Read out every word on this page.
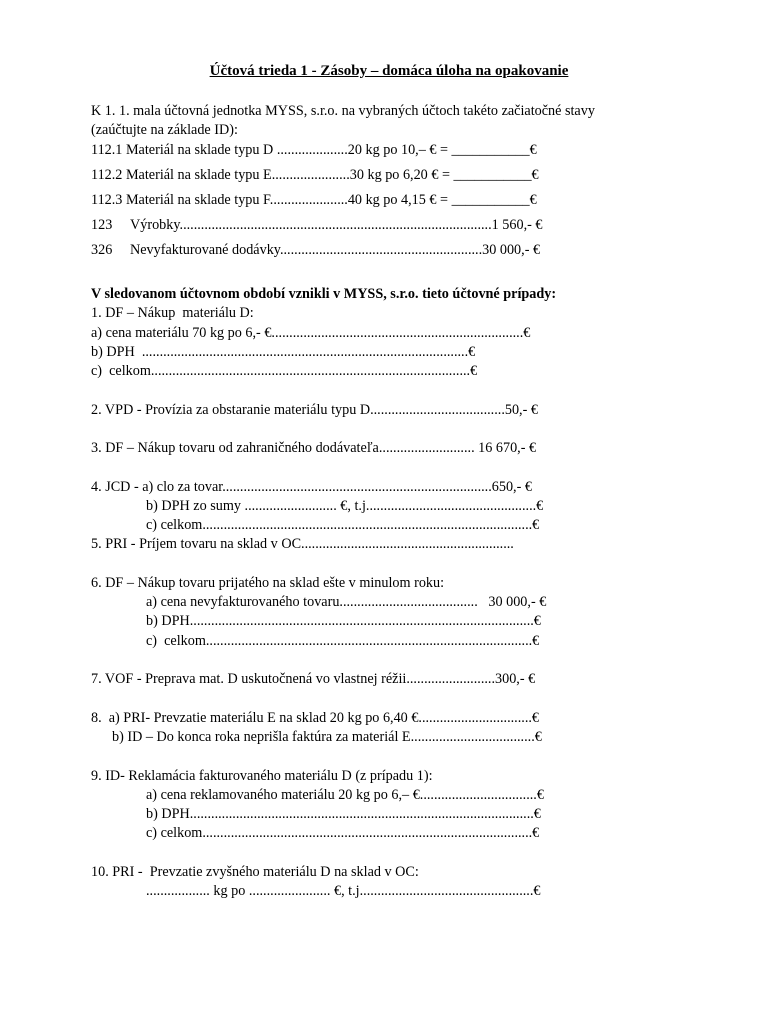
Účtová trieda 1 - Zásoby – domáca úloha na opakovanie
K 1. 1. mala účtovná jednotka MYSS, s.r.o. na vybraných účtoch takéto začiatočné stavy
(zaúčtujte na základe ID):
112.1 Materiál na sklade typu D ....................20 kg po 10,– € = ___________€
112.2 Materiál na sklade typu E......................30 kg po 6,20 € = ___________€
112.3 Materiál na sklade typu F......................40 kg po 4,15 € = ___________€
123 Výrobky........................................................................................1 560,- €
326 Nevyfakturované dodávky.........................................................30 000,- €
V sledovanom účtovnom období vznikli v MYSS, s.r.o. tieto účtovné prípady:
1. DF – Nákup  materiálu D:
a) cena materiálu 70 kg po 6,- €.......................................................................€
b) DPH  ............................................................................................€
c)  celkom..........................................................................................€
2. VPD - Provízia za obstaranie materiálu typu D......................................50,- €
3. DF – Nákup tovaru od zahraničného dodávateľa........................... 16 670,- €
4. JCD - a) clo za tovar............................................................................650,- €
b) DPH zo sumy .......................... €, t.j................................................€
c) celkom.............................................................................................€
5. PRI - Príjem tovaru na sklad v OC............................................................
6. DF – Nákup tovaru prijatého na sklad ešte v minulom roku:
a) cena nevyfakturovaného tovaru.......................................   30 000,- €
b) DPH.................................................................................................€
c)  celkom............................................................................................€
7. VOF - Preprava mat. D uskutočnená vo vlastnej réžii.........................300,- €
8.  a) PRI- Prevzatie materiálu E na sklad 20 kg po 6,40 €................................€
b) ID – Do konca roka neprišla faktúra za materiál E...................................€
9. ID- Reklamácia fakturovaného materiálu D (z prípadu 1):
a) cena reklamovaného materiálu 20 kg po 6,– €.................................€
b) DPH.................................................................................................€
c) celkom.............................................................................................€
10. PRI -  Prevzatie zvyšného materiálu D na sklad v OC:
.................. kg po ....................... €, t.j.................................................€
